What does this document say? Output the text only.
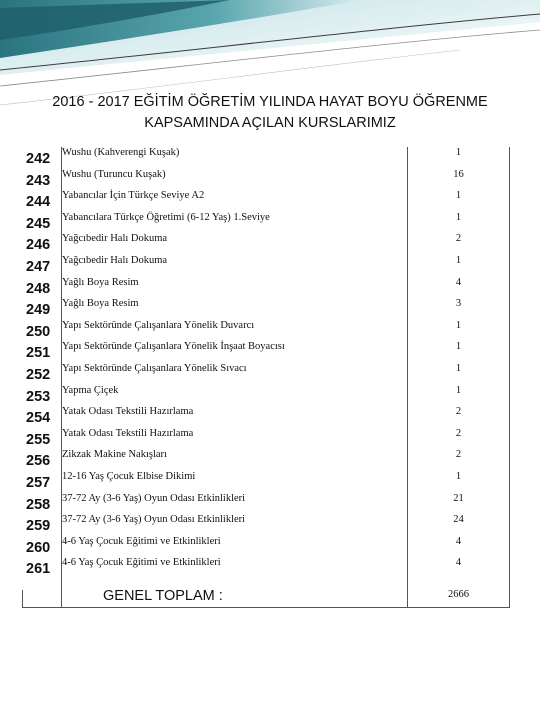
2016 - 2017 EĞİTİM ÖĞRETİM YILINDA HAYAT BOYU ÖĞRENME
KAPSAMINDA AÇILAN KURSLARIMIZ
242	Wushu (Kahverengi Kuşak)	1
243	Wushu (Turuncu Kuşak)	16
244	Yabancılar İçin Türkçe Seviye A2	1
245	Yabancılara Türkçe Öğretimi (6-12 Yaş) 1.Seviye	1
246	Yağcıbedir Halı Dokuma	2
247	Yağcıbedir Halı Dokuma	1
248	Yağlı Boya Resim	4
249	Yağlı Boya Resim	3
250	Yapı Sektöründe Çalışanlara Yönelik Duvarcı	1
251	Yapı Sektöründe Çalışanlara Yönelik İnşaat Boyacısı	1
252	Yapı Sektöründe Çalışanlara Yönelik Sıvacı	1
253	Yapma Çiçek	1
254	Yatak Odası Tekstili Hazırlama	2
255	Yatak Odası Tekstili Hazırlama	2
256	Zikzak Makine Nakışları	2
257	12-16 Yaş Çocuk Elbise Dikimi	1
258	37-72 Ay (3-6 Yaş) Oyun Odası Etkinlikleri	21
259	37-72 Ay (3-6 Yaş) Oyun Odası Etkinlikleri	24
260	4-6 Yaş Çocuk Eğitimi ve Etkinlikleri	4
261	4-6 Yaş Çocuk Eğitimi ve Etkinlikleri	4
GENEL TOPLAM :	2666
